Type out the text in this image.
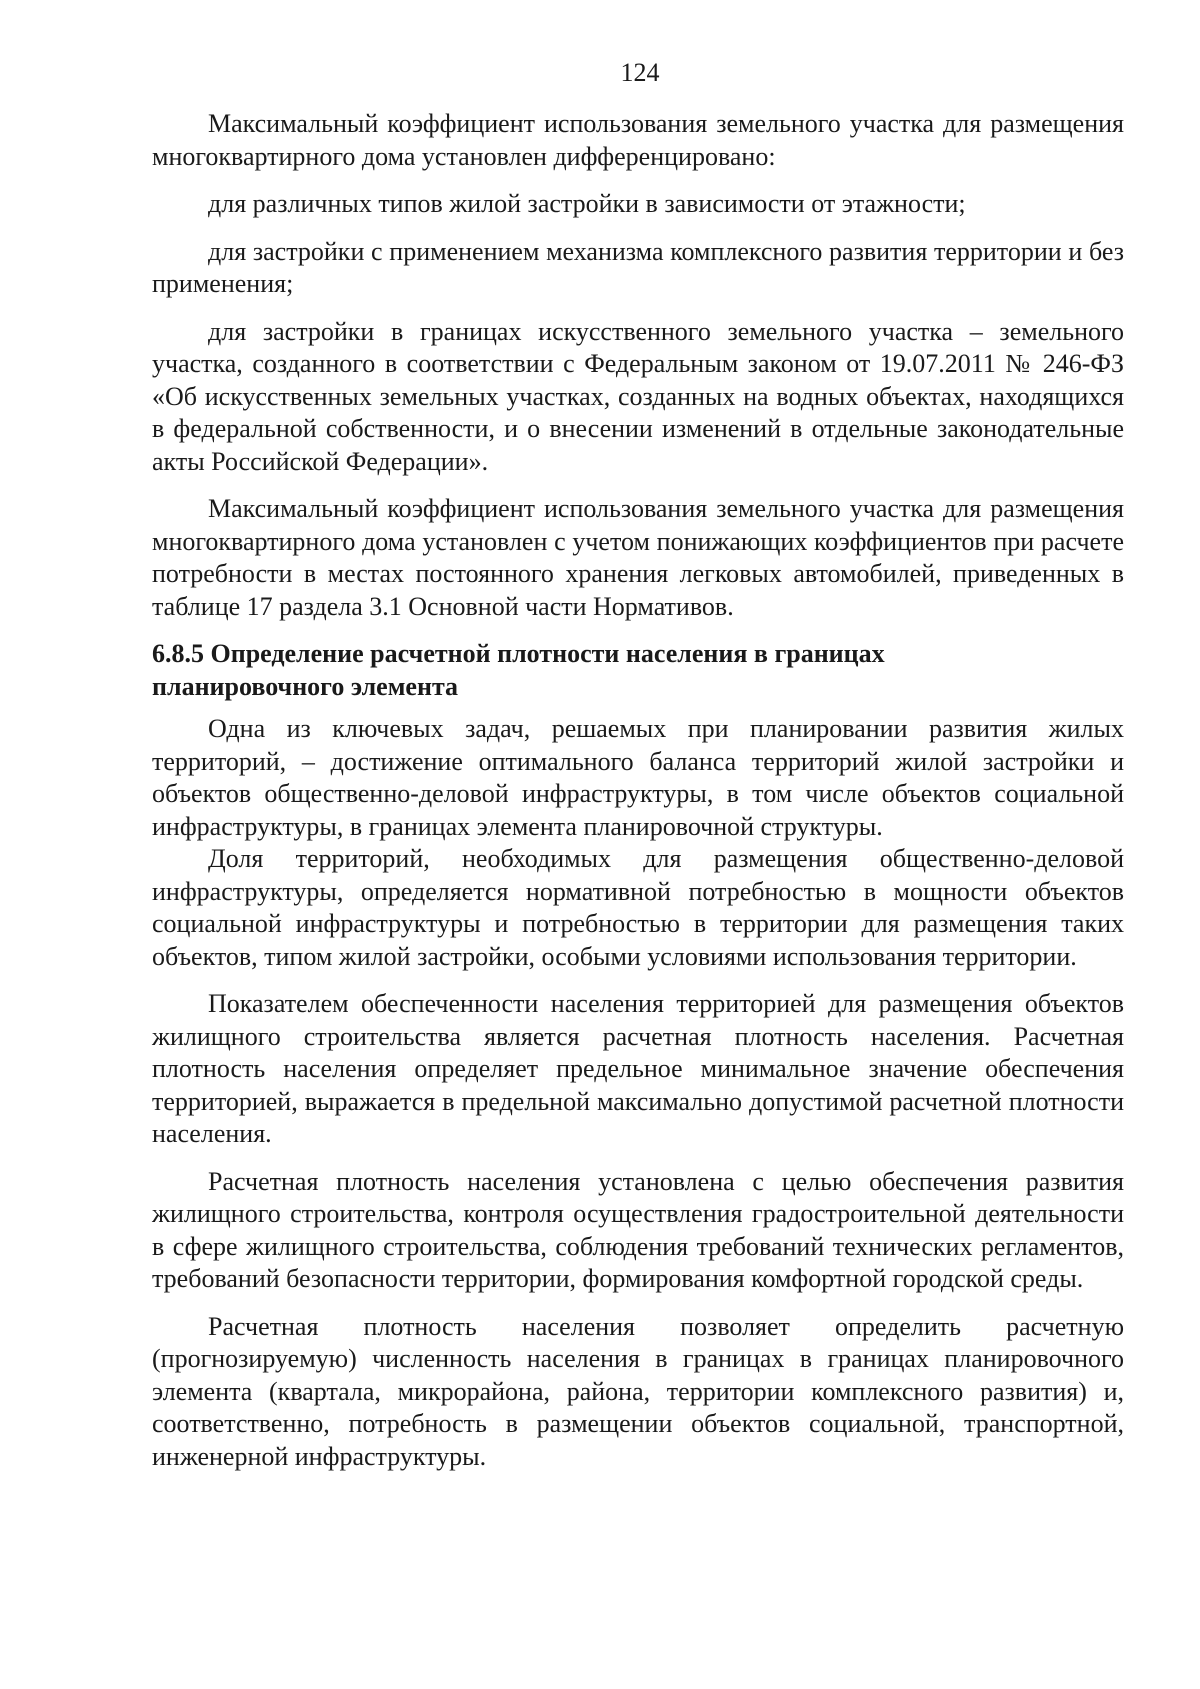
124

Максимальный коэффициент использования земельного участка для размещения многоквартирного дома установлен дифференцировано:

для различных типов жилой застройки в зависимости от этажности;

для застройки с применением механизма комплексного развития территории и без применения;

для застройки в границах искусственного земельного участка – земельного участка, созданного в соответствии с Федеральным законом от 19.07.2011 № 246-ФЗ «Об искусственных земельных участках, созданных на водных объектах, находящихся в федеральной собственности, и о внесении изменений в отдельные законодательные акты Российской Федерации».

Максимальный коэффициент использования земельного участка для размещения многоквартирного дома установлен с учетом понижающих коэффициентов при расчете потребности в местах постоянного хранения легковых автомобилей, приведенных в таблице 17 раздела 3.1 Основной части Нормативов.

6.8.5 Определение расчетной плотности населения в границах
планировочного элемента

Одна из ключевых задач, решаемых при планировании развития жилых территорий, – достижение оптимального баланса территорий жилой застройки и объектов общественно-деловой инфраструктуры, в том числе объектов социальной инфраструктуры, в границах элемента планировочной структуры.

Доля территорий, необходимых для размещения общественно-деловой инфраструктуры, определяется нормативной потребностью в мощности объектов социальной инфраструктуры и потребностью в территории для размещения таких объектов, типом жилой застройки, особыми условиями использования территории.

Показателем обеспеченности населения территорией для размещения объектов жилищного строительства является расчетная плотность населения. Расчетная плотность населения определяет предельное минимальное значение обеспечения территорией, выражается в предельной максимально допустимой расчетной плотности населения.

Расчетная плотность населения установлена с целью обеспечения развития жилищного строительства, контроля осуществления градостроительной деятельности в сфере жилищного строительства, соблюдения требований технических регламентов, требований безопасности территории, формирования комфортной городской среды.

Расчетная плотность населения позволяет определить расчетную (прогнозируемую) численность населения в границах в границах планировочного элемента (квартала, микрорайона, района, территории комплексного развития) и, соответственно, потребность в размещении объектов социальной, транспортной, инженерной инфраструктуры.
